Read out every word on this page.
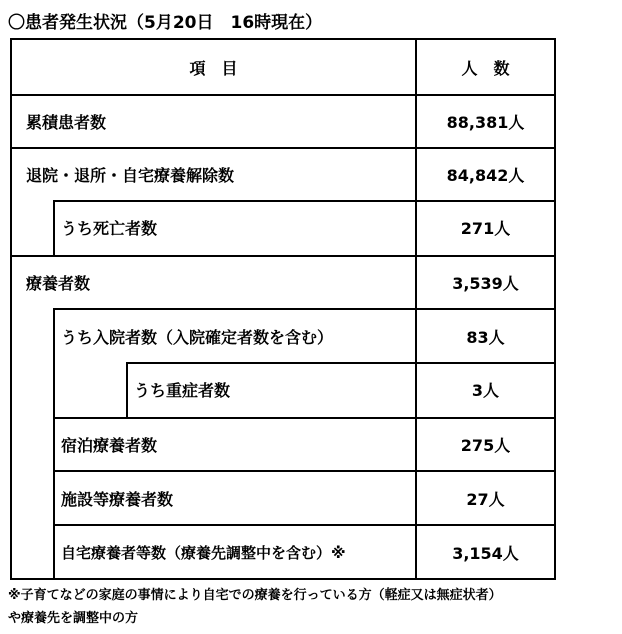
〇患者発生状況（5月20日　16時現在）
項　目	人　数
累積患者数	88,381人
退院・退所・自宅療養解除数	84,842人
うち死亡者数	271人
療養者数	3,539人
うち入院者数（入院確定者数を含む）	83人
うち重症者数	3人
宿泊療養者数	275人
施設等療養者数	27人
自宅療養者等数（療養先調整中を含む）※	3,154人
※子育てなどの家庭の事情により自宅での療養を行っている方（軽症又は無症状者）
や療養先を調整中の方
